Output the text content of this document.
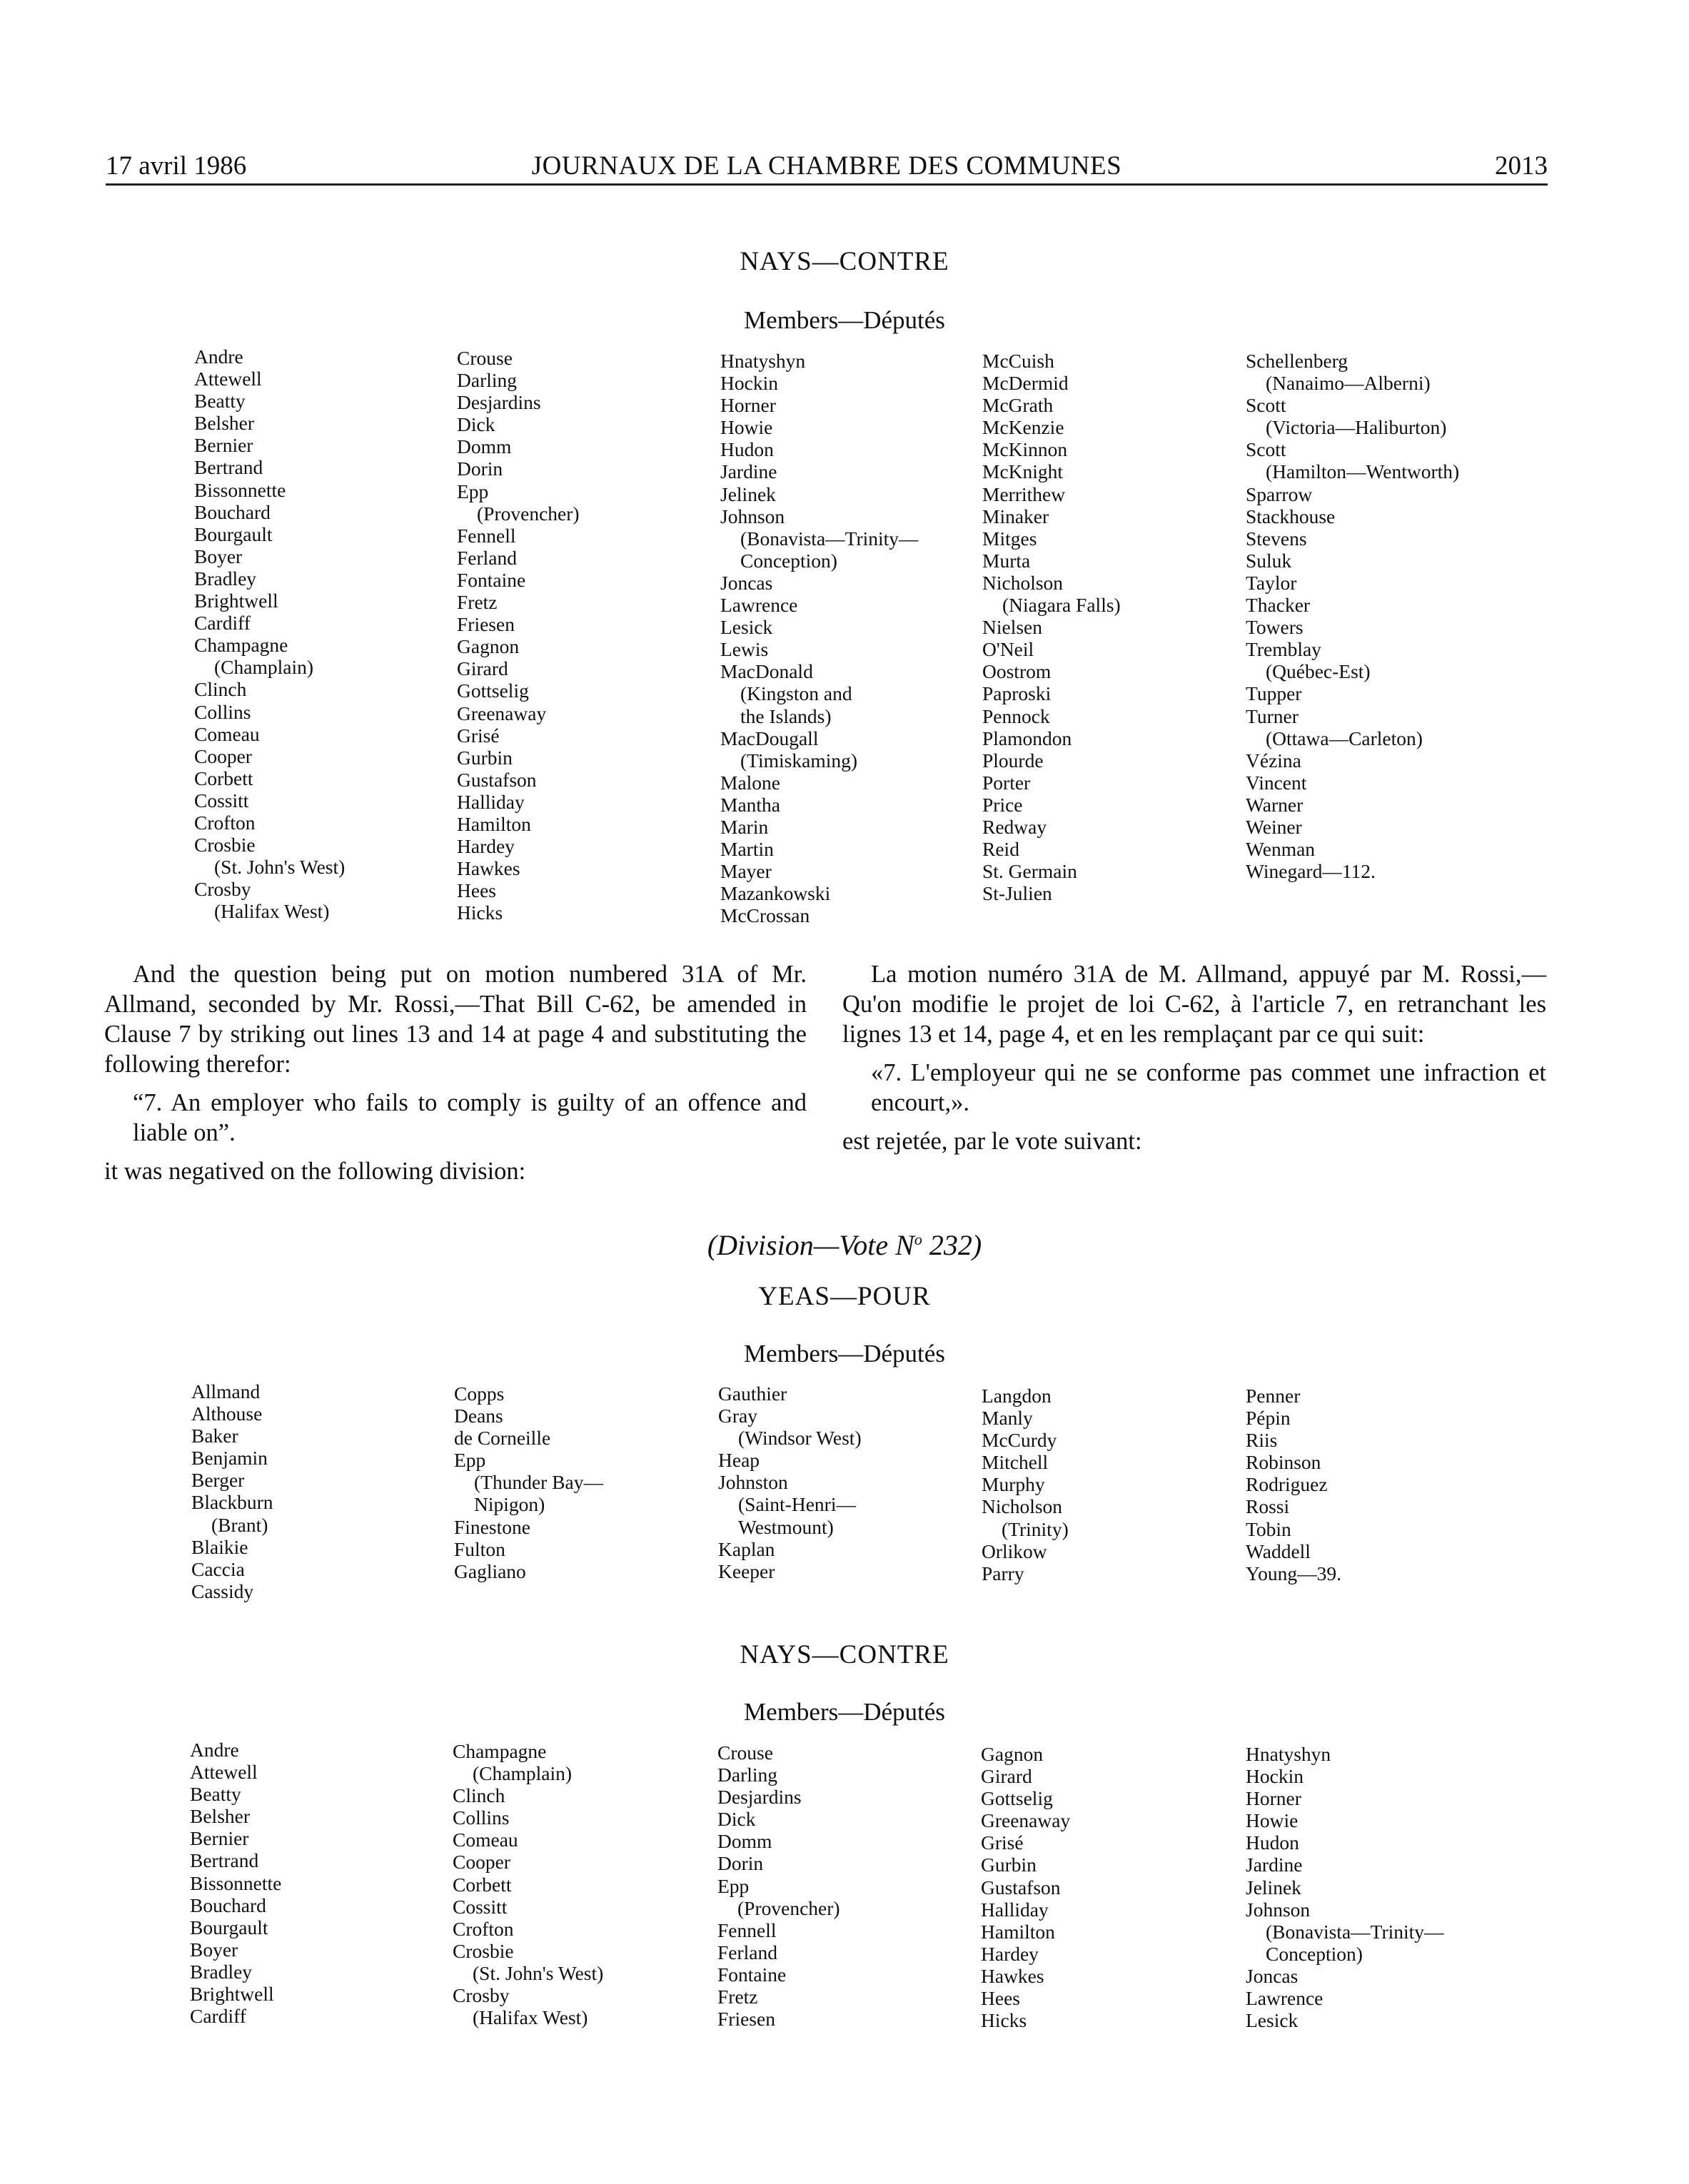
17 avril 1986	JOURNAUX DE LA CHAMBRE DES COMMUNES	2013
NAYS—CONTRE
Members—Députés
Andre
Attewell
Beatty
Belsher
Bernier
Bertrand
Bissonnette
Bouchard
Bourgault
Boyer
Bradley
Brightwell
Cardiff
Champagne
(Champlain)
Clinch
Collins
Comeau
Cooper
Corbett
Cossitt
Crofton
Crosbie
(St. John's West)
Crosby
(Halifax West)
Crouse
Darling
Desjardins
Dick
Domm
Dorin
Epp
(Provencher)
Fennell
Ferland
Fontaine
Fretz
Friesen
Gagnon
Girard
Gottselig
Greenaway
Grisé
Gurbin
Gustafson
Halliday
Hamilton
Hardey
Hawkes
Hees
Hicks
Hnatyshyn
Hockin
Horner
Howie
Hudon
Jardine
Jelinek
Johnson
(Bonavista—Trinity—
Conception)
Joncas
Lawrence
Lesick
Lewis
MacDonald
(Kingston and
the Islands)
MacDougall
(Timiskaming)
Malone
Mantha
Marin
Martin
Mayer
Mazankowski
McCrossan
McCuish
McDermid
McGrath
McKenzie
McKinnon
McKnight
Merrithew
Minaker
Mitges
Murta
Nicholson
(Niagara Falls)
Nielsen
O'Neil
Oostrom
Paproski
Pennock
Plamondon
Plourde
Porter
Price
Redway
Reid
St. Germain
St-Julien
Schellenberg
(Nanaimo—Alberni)
Scott
(Victoria—Haliburton)
Scott
(Hamilton—Wentworth)
Sparrow
Stackhouse
Stevens
Suluk
Taylor
Thacker
Towers
Tremblay
(Québec-Est)
Tupper
Turner
(Ottawa—Carleton)
Vézina
Vincent
Warner
Weiner
Wenman
Winegard—112.

And the question being put on motion numbered 31A of Mr. Allmand, seconded by Mr. Rossi,—That Bill C-62, be amended in Clause 7 by striking out lines 13 and 14 at page 4 and substituting the following therefor:

“7. An employer who fails to comply is guilty of an offence and liable on”.

it was negatived on the following division:

La motion numéro 31A de M. Allmand, appuyé par M. Rossi,—Qu'on modifie le projet de loi C-62, à l'article 7, en retranchant les lignes 13 et 14, page 4, et en les remplaçant par ce qui suit:

«7. L'employeur qui ne se conforme pas commet une infraction et encourt,».

est rejetée, par le vote suivant:

(Division—Vote $N^o$ 232)
YEAS—POUR
Members—Députés
Allmand
Althouse
Baker
Benjamin
Berger
Blackburn
(Brant)
Blaikie
Caccia
Cassidy
Copps
Deans
de Corneille
Epp
(Thunder Bay—
Nipigon)
Finestone
Fulton
Gagliano
Gauthier
Gray
(Windsor West)
Heap
Johnston
(Saint-Henri—
Westmount)
Kaplan
Keeper
Langdon
Manly
McCurdy
Mitchell
Murphy
Nicholson
(Trinity)
Orlikow
Parry
Penner
Pépin
Riis
Robinson
Rodriguez
Rossi
Tobin
Waddell
Young—39.
NAYS—CONTRE
Members—Députés
Andre
Attewell
Beatty
Belsher
Bernier
Bertrand
Bissonnette
Bouchard
Bourgault
Boyer
Bradley
Brightwell
Cardiff
Champagne
(Champlain)
Clinch
Collins
Comeau
Cooper
Corbett
Cossitt
Crofton
Crosbie
(St. John's West)
Crosby
(Halifax West)
Crouse
Darling
Desjardins
Dick
Domm
Dorin
Epp
(Provencher)
Fennell
Ferland
Fontaine
Fretz
Friesen
Gagnon
Girard
Gottselig
Greenaway
Grisé
Gurbin
Gustafson
Halliday
Hamilton
Hardey
Hawkes
Hees
Hicks
Hnatyshyn
Hockin
Horner
Howie
Hudon
Jardine
Jelinek
Johnson
(Bonavista—Trinity—
Conception)
Joncas
Lawrence
Lesick
